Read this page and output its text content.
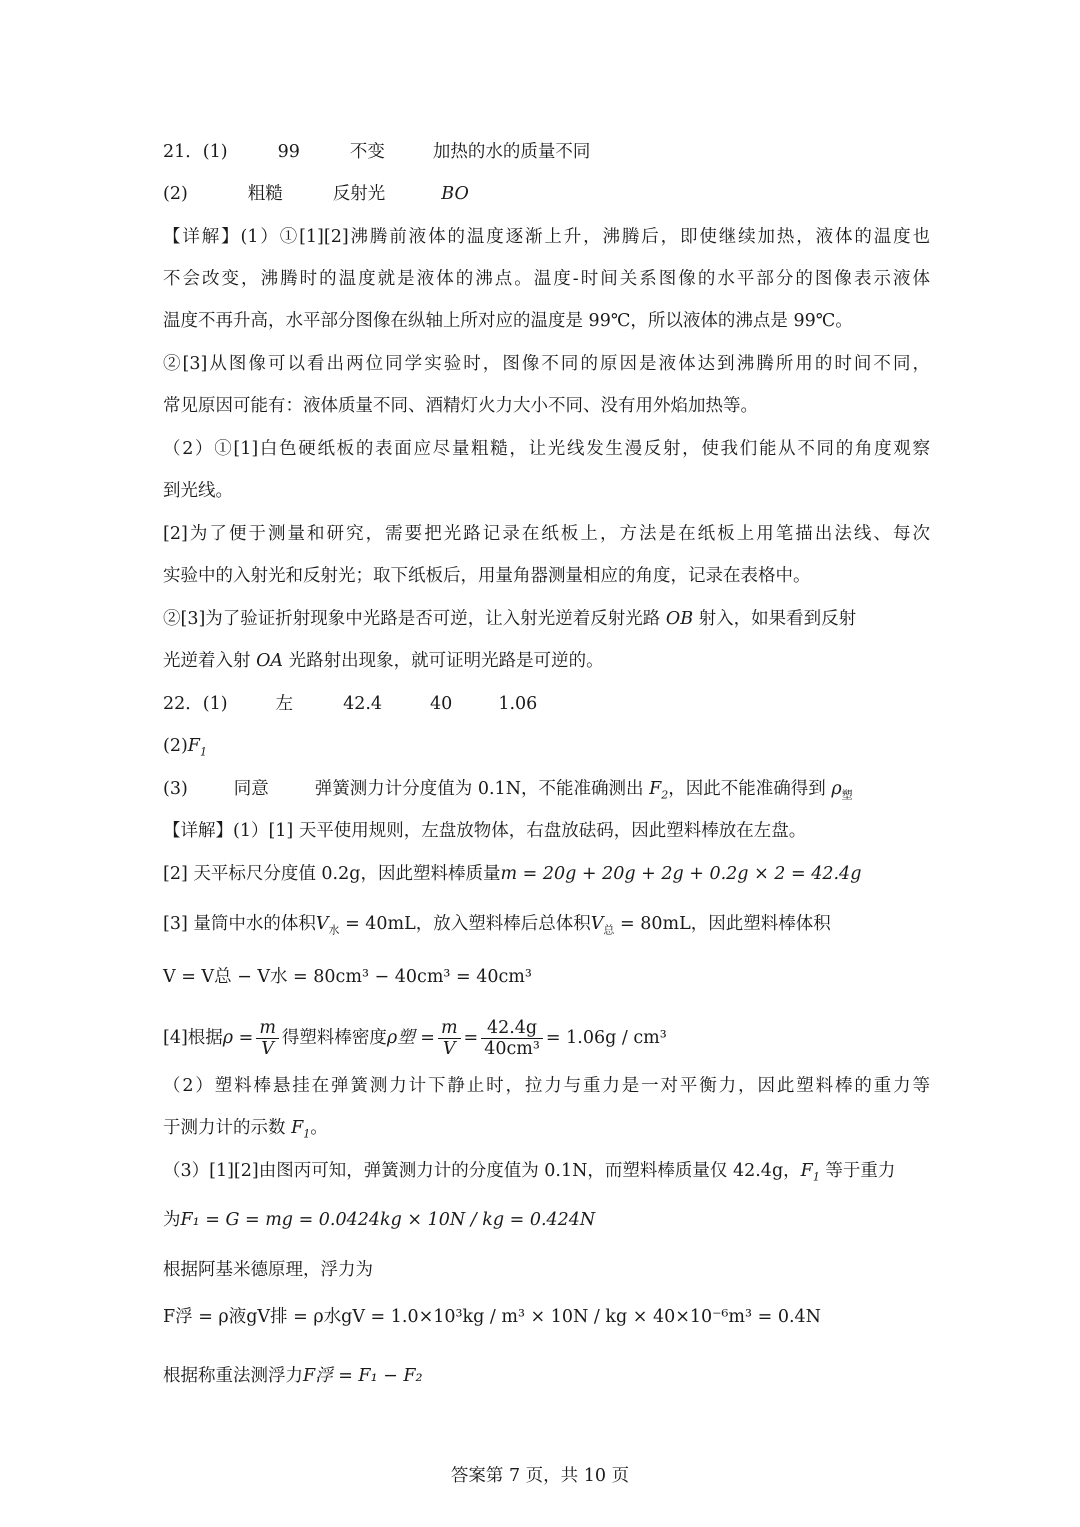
21．(1)	99	不变	加热的水的质量不同
(2)	粗糙	反射光	BO
【详解】(1）①[1][2]沸腾前液体的温度逐渐上升，沸腾后，即使继续加热，液体的温度也
不会改变，沸腾时的温度就是液体的沸点。温度-时间关系图像的水平部分的图像表示液体
温度不再升高，水平部分图像在纵轴上所对应的温度是 99℃，所以液体的沸点是 99℃。
②[3]从图像可以看出两位同学实验时，图像不同的原因是液体达到沸腾所用的时间不同，
常见原因可能有：液体质量不同、酒精灯火力大小不同、没有用外焰加热等。
（2）①[1]白色硬纸板的表面应尽量粗糙，让光线发生漫反射，使我们能从不同的角度观察
到光线。
[2]为了便于测量和研究，需要把光路记录在纸板上，方法是在纸板上用笔描出法线、每次
实验中的入射光和反射光；取下纸板后，用量角器测量相应的角度，记录在表格中。
②[3]为了验证折射现象中光路是否可逆，让入射光逆着反射光路 OB 射入，如果看到反射
光逆着入射 OA 光路射出现象，就可证明光路是可逆的。
22．(1)	左	42.4	40	1.06
$(2)F_1$
(3)	同意	弹簧测力计分度值为 0.1N，不能准确测出 $F_2$，因此不能准确得到 $\rho_塑$
【详解】(1）[1] 天平使用规则，左盘放物体，右盘放砝码，因此塑料棒放在左盘。
[2] 天平标尺分度值 0.2g，因此塑料棒质量m = 20g + 20g + 2g + 0.2g × 2 = 42.4g
[3] 量筒中水的体积$V_水 = 40mL$，放入塑料棒后总体积$V_总 = 80mL$，因此塑料棒体积
V = V总 − V水 = 80cm³ − 40cm³ = 40cm³
[4]根据$\rho = \frac{m}{V}$ 得塑料棒密度ρ塑 = $\frac{m}{V} = \frac{42.4g}{\text{40cm³}} = 1.06g / cm^3$
（2）塑料棒悬挂在弹簧测力计下静止时，拉力与重力是一对平衡力，因此塑料棒的重力等
于测力计的示数 $F_1$。
（3）[1][2]由图丙可知，弹簧测力计的分度值为 0.1N，而塑料棒质量仅 42.4g，$F_1$ 等于重力
为F₁ = G = mg = 0.0424kg × 10N / kg = 0.424N
根据阿基米德原理，浮力为
F浮 = ρ液gV排 = ρ水gV = 1.0×10³kg / m³ × 10N / kg × 40×10⁻⁶m³ = 0.4N
根据称重法测浮力F浮 = F₁ − F₂
答案第 7 页，共 10 页
